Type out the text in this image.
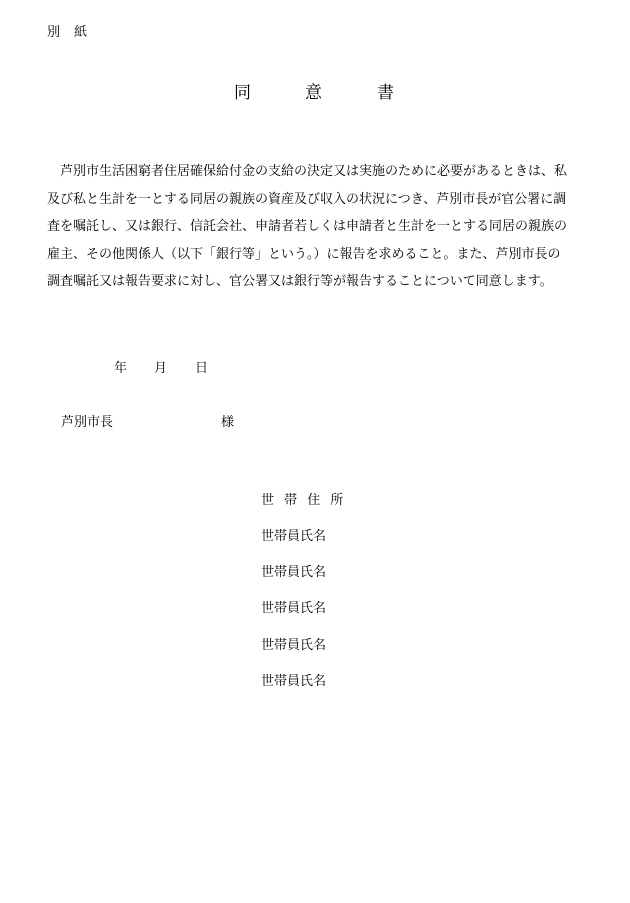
別　紙
同	意	書
芦別市生活困窮者住居確保給付金の支給の決定又は実施のために必要があるときは、私
及び私と生計を一とする同居の親族の資産及び収入の状況につき、芦別市長が官公署に調
査を嘱託し、又は銀行、信託会社、申請者若しくは申請者と生計を一とする同居の親族の
雇主、その他関係人（以下「銀行等」という。）に報告を求めること。また、芦別市長の
調査嘱託又は報告要求に対し、官公署又は銀行等が報告することについて同意します。
年 月 日
芦別市長	様
世 帯 住 所
世帯員氏名
世帯員氏名
世帯員氏名
世帯員氏名
世帯員氏名
